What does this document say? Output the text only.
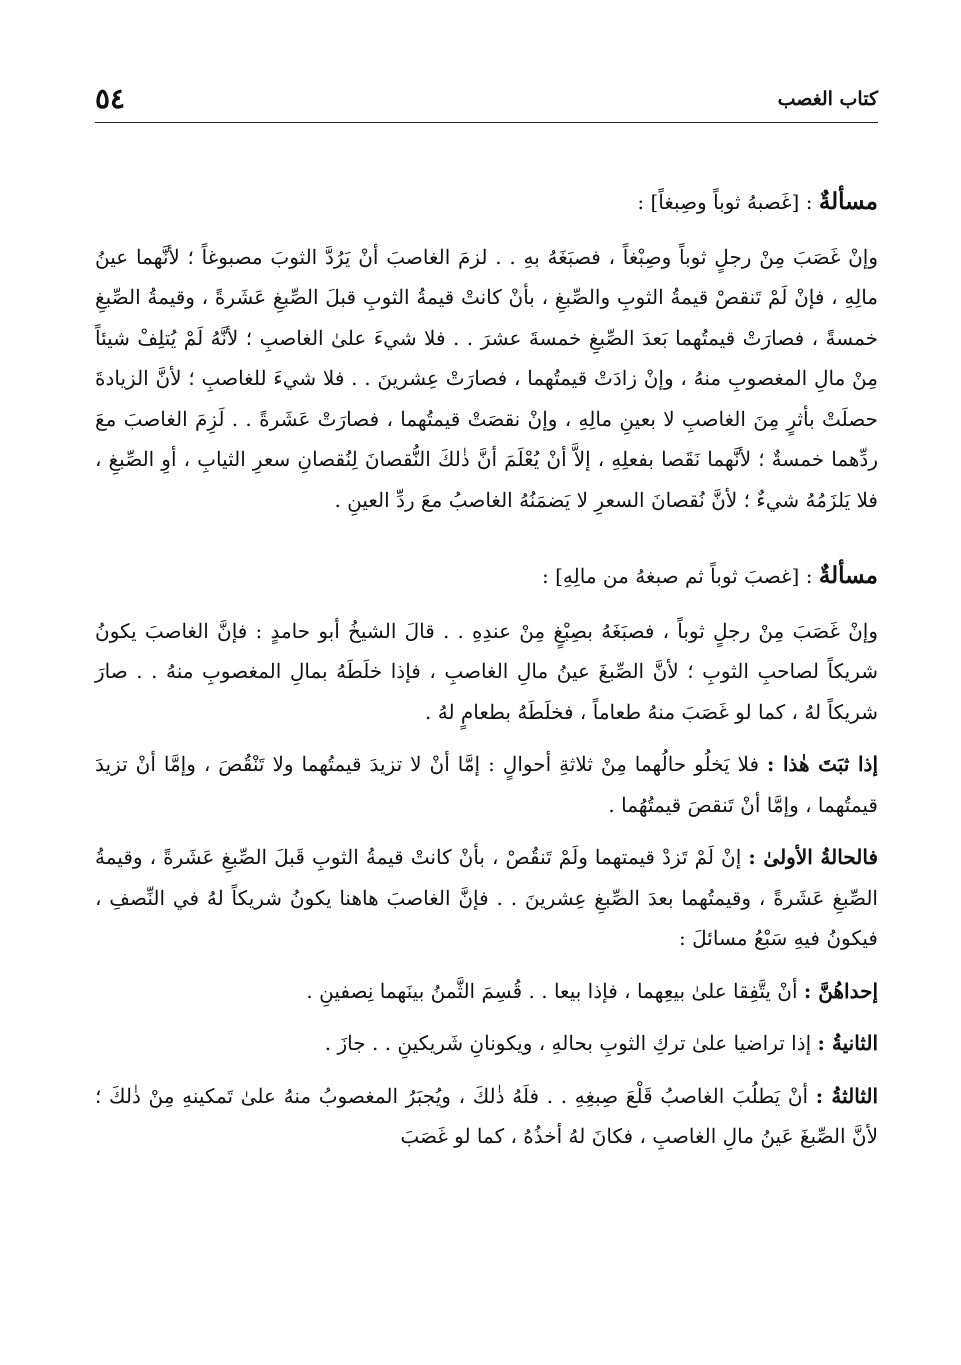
كتاب الغصب
٥٤

مسألةٌ : [غَصبهُ ثوباً وصِبغاً] :

وإنْ غَصَبَ مِنْ رجلٍ ثوباً وصِبْغاً ، فصبَغَهُ بهِ . . لزمَ الغاصبَ أنْ يَرُدَّ الثوبَ مصبوغاً ؛ لأنَّهما عينُ مالِهِ ، فإنْ لَمْ تَنقصْ قيمةُ الثوبِ والصِّبغِ ، بأنْ كانتْ قيمةُ الثوبِ قبلَ الصِّبغِ عَشَرةً ، وقيمةُ الصِّبغِ خمسةً ، فصارَتْ قيمتُهما بَعدَ الصِّبغِ خمسةَ عشرَ . . فلا شيءَ علىٰ الغاصبِ ؛ لأنَّهُ لَمْ يُتلِفْ شيئاً مِنْ مالِ المغصوبِ منهُ ، وإنْ زادَتْ قيمتُهما ، فصارَتْ عِشرينَ . . فلا شيءَ للغاصبِ ؛ لأنَّ الزيادةَ حصلَتْ بأثرٍ مِنَ الغاصبِ لا بعينِ مالِهِ ، وإنْ نقصَتْ قيمتُهما ، فصارَتْ عَشَرةً . . لَزِمَ الغاصبَ معَ ردِّهما خمسةٌ ؛ لأنَّهما نَقَصا بفعلِهِ ، إلاَّ أنْ يُعْلَمَ أنَّ ذٰلكَ النُّقصانَ لِنُقصانِ سعرِ الثيابِ ، أوِ الصِّبغِ ، فلا يَلزَمُهُ شيءٌ ؛ لأنَّ نُقصانَ السعرِ لا يَضمَنُهُ الغاصبُ معَ ردِّ العينِ .

مسألةٌ : [غصبَ ثوباً ثم صبغهُ من مالِهِ] :

وإنْ غَصَبَ مِنْ رجلٍ ثوباً ، فصبَغَهُ بصِبْغٍ مِنْ عندِهِ . . قالَ الشيخُ أبو حامدٍ : فإنَّ الغاصبَ يكونُ شريكاً لصاحبِ الثوبِ ؛ لأنَّ الصِّبغَ عينُ مالِ الغاصبِ ، فإذا خلَطَهُ بمالِ المغصوبِ منهُ . . صارَ شريكاً لهُ ، كما لو غَصَبَ منهُ طعاماً ، فخلَطَهُ بطعامٍ لهُ .

إذا ثبَتَ هٰذا : فلا يَخلُو حالُهما مِنْ ثلاثةِ أحوالٍ : إمَّا أنْ لا تزيدَ قيمتُهما ولا تَنْقُصَ ، وإمَّا أنْ تزيدَ قيمتُهما ، وإمَّا أنْ تَنقصَ قيمتُهُما .

فالحالةُ الأولىٰ : إنْ لَمْ تَزدْ قيمتهما ولَمْ تَنقُصْ ، بأنْ كانتْ قيمةُ الثوبِ قَبلَ الصِّبغِ عَشَرةً ، وقيمةُ الصِّبغِ عَشَرةً ، وقيمتُهما بعدَ الصِّبغِ عِشرينَ . . فإنَّ الغاصبَ هاهنا يكونُ شريكاً لهُ في النِّصفِ ، فيكونُ فيهِ سَبْعُ مسائلَ :

إحداهُنَّ : أنْ يتَّفِقا علىٰ بيعِهما ، فإذا بيعا . . قُسِمَ الثَّمنُ بينَهما نِصفينِ .

الثانيةُ : إذا تراضيا علىٰ تركِ الثوبِ بحالهِ ، ويكونانِ شَريكينِ . . جازَ .

الثالثةُ : أنْ يَطلُبَ الغاصبُ قَلْعَ صِبغِهِ . . فلَهُ ذٰلكَ ، ويُجبَرُ المغصوبُ منهُ علىٰ تَمكينهِ مِنْ ذٰلكَ ؛ لأنَّ الصِّبغَ عَينُ مالِ الغاصبِ ، فكانَ لهُ أخذُهُ ، كما لو غَصَبَ
